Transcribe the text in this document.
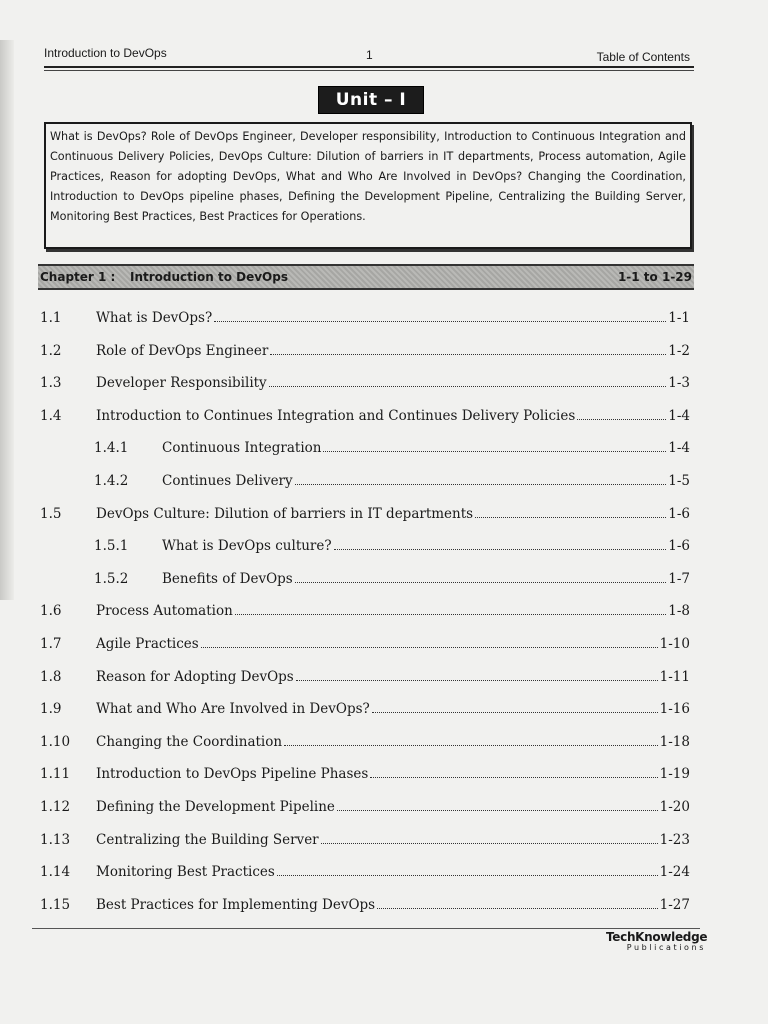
Introduction to DevOps	1	Table of Contents
Unit – I
What is DevOps? Role of DevOps Engineer, Developer responsibility, Introduction to Continuous Integration and Continuous Delivery Policies, DevOps Culture: Dilution of barriers in IT departments, Process automation, Agile Practices, Reason for adopting DevOps, What and Who Are Involved in DevOps? Changing the Coordination, Introduction to DevOps pipeline phases, Defining the Development Pipeline, Centralizing the Building Server, Monitoring Best Practices, Best Practices for Operations.
Chapter 1 : Introduction to DevOps	1-1 to 1-29
1.1	What is DevOps?	1-1
1.2	Role of DevOps Engineer	1-2
1.3	Developer Responsibility	1-3
1.4	Introduction to Continues Integration and Continues Delivery Policies	1-4
1.4.1 Continuous Integration	1-4
1.4.2 Continues Delivery	1-5
1.5	DevOps Culture: Dilution of barriers in IT departments	1-6
1.5.1 What is DevOps culture?	1-6
1.5.2 Benefits of DevOps	1-7
1.6	Process Automation	1-8
1.7	Agile Practices	1-10
1.8	Reason for Adopting DevOps	1-11
1.9	What and Who Are Involved in DevOps?	1-16
1.10 Changing the Coordination	1-18
1.11 Introduction to DevOps Pipeline Phases	1-19
1.12 Defining the Development Pipeline	1-20
1.13 Centralizing the Building Server	1-23
1.14 Monitoring Best Practices	1-24
1.15 Best Practices for Implementing DevOps	1-27
TechKnowledge
Publications
